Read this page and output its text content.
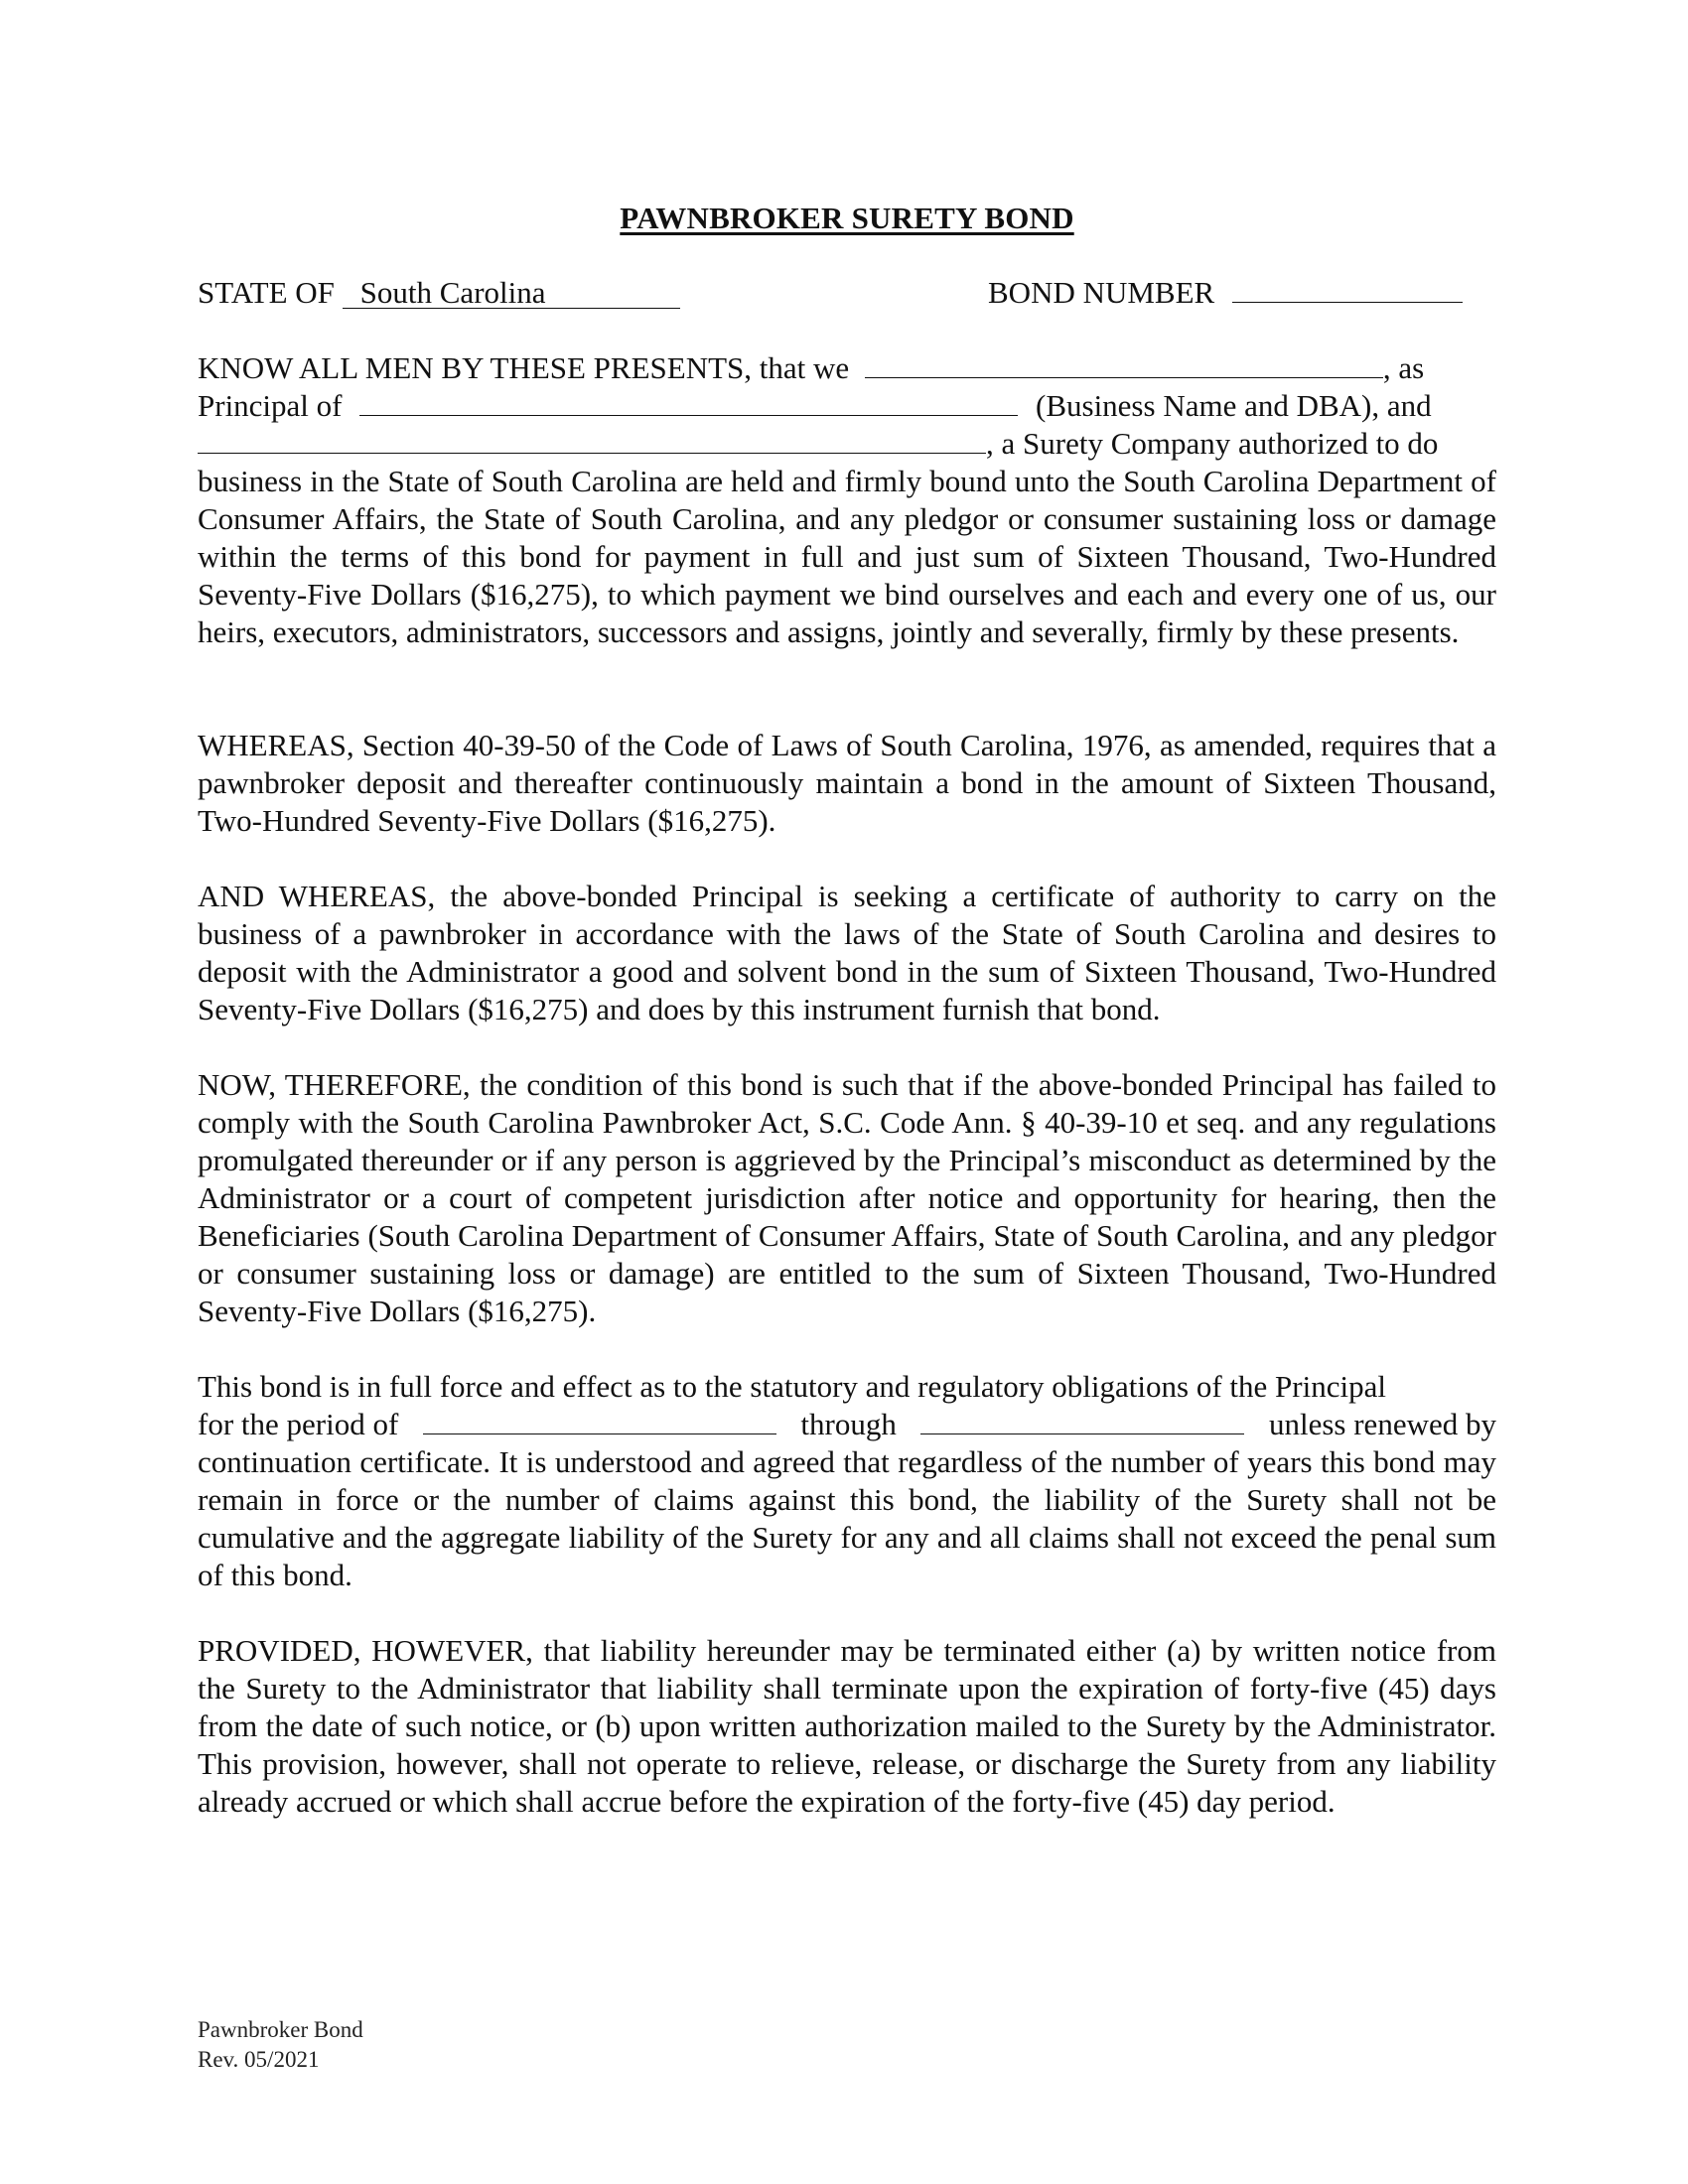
PAWNBROKER SURETY BOND
STATE OF South Carolina	BOND NUMBER
KNOW ALL MEN BY THESE PRESENTS, that we	, as
Principal of	(Business Name and DBA), and
, a Surety Company authorized to do
business in the State of South Carolina are held and firmly bound unto the South Carolina Department of Consumer Affairs, the State of South Carolina, and any pledgor or consumer sustaining loss or damage within the terms of this bond for payment in full and just sum of Sixteen Thousand, Two-Hundred Seventy-Five Dollars ($16,275), to which payment we bind ourselves and each and every one of us, our heirs, executors, administrators, successors and assigns, jointly and severally, firmly by these presents.
WHEREAS, Section 40-39-50 of the Code of Laws of South Carolina, 1976, as amended, requires that a pawnbroker deposit and thereafter continuously maintain a bond in the amount of Sixteen Thousand, Two-Hundred Seventy-Five Dollars ($16,275).
AND WHEREAS, the above-bonded Principal is seeking a certificate of authority to carry on the business of a pawnbroker in accordance with the laws of the State of South Carolina and desires to deposit with the Administrator a good and solvent bond in the sum of Sixteen Thousand, Two-Hundred Seventy-Five Dollars ($16,275) and does by this instrument furnish that bond.
NOW, THEREFORE, the condition of this bond is such that if the above-bonded Principal has failed to comply with the South Carolina Pawnbroker Act, S.C. Code Ann. § 40-39-10 et seq. and any regulations promulgated thereunder or if any person is aggrieved by the Principal’s misconduct as determined by the Administrator or a court of competent jurisdiction after notice and opportunity for hearing, then the Beneficiaries (South Carolina Department of Consumer Affairs, State of South Carolina, and any pledgor or consumer sustaining loss or damage) are entitled to the sum of Sixteen Thousand, Two-Hundred Seventy-Five Dollars ($16,275).
This bond is in full force and effect as to the statutory and regulatory obligations of the Principal
for the period of	through	unless renewed by
continuation certificate. It is understood and agreed that regardless of the number of years this bond may remain in force or the number of claims against this bond, the liability of the Surety shall not be cumulative and the aggregate liability of the Surety for any and all claims shall not exceed the penal sum of this bond.
PROVIDED, HOWEVER, that liability hereunder may be terminated either (a) by written notice from the Surety to the Administrator that liability shall terminate upon the expiration of forty-five (45) days from the date of such notice, or (b) upon written authorization mailed to the Surety by the Administrator. This provision, however, shall not operate to relieve, release, or discharge the Surety from any liability already accrued or which shall accrue before the expiration of the forty-five (45) day period.
Pawnbroker Bond
Rev. 05/2021
